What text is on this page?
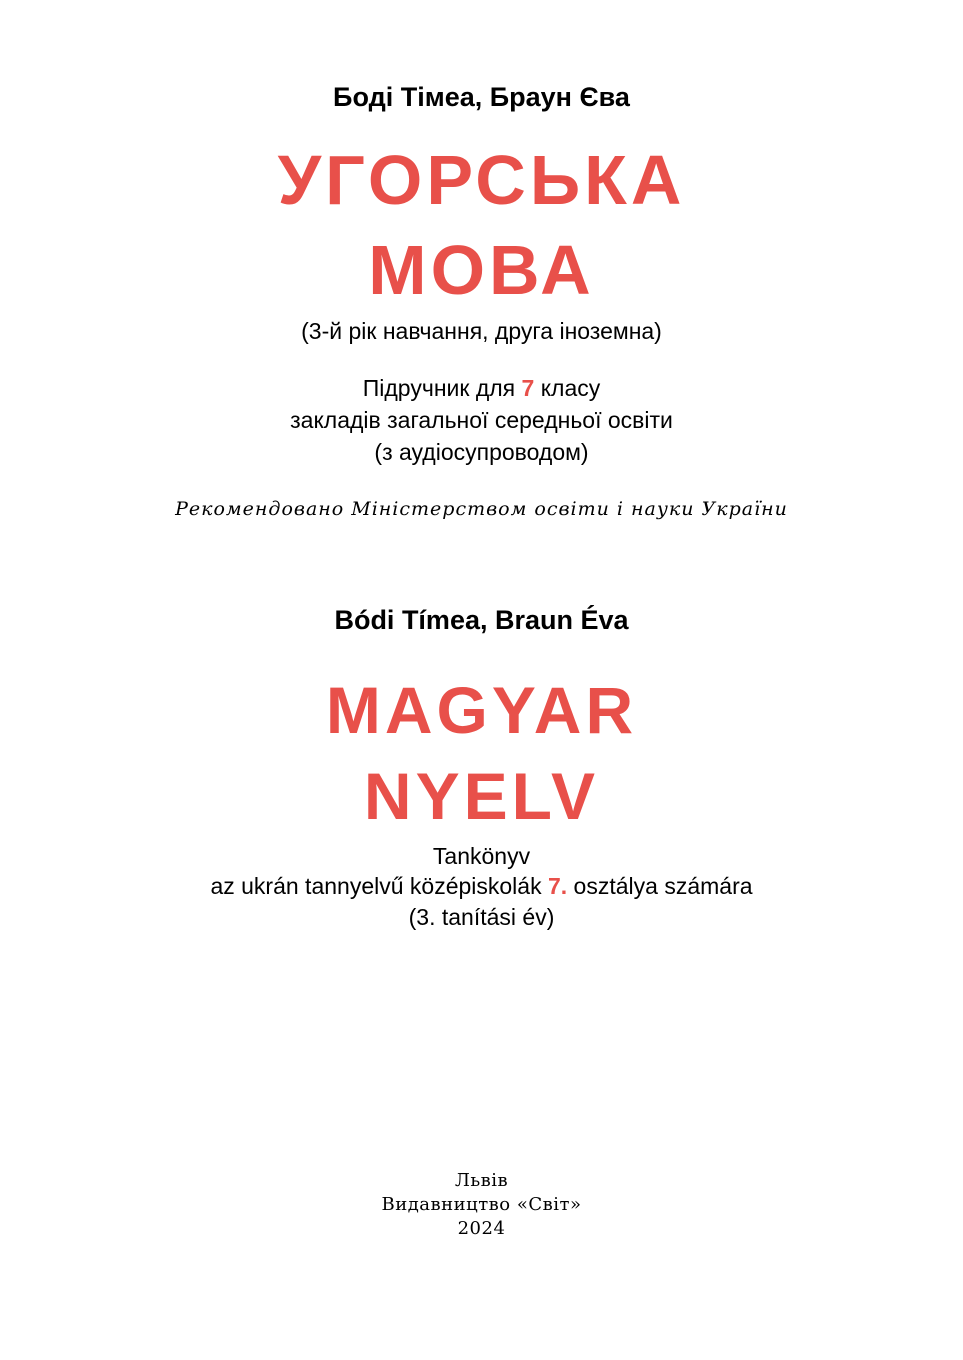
Боді Тімеа, Браун Єва
УГОРСЬКА
МОВА
(3-й рік навчання, друга іноземна)
Підручник для 7 класу
закладів загальної середньої освіти
(з аудіосупроводом)
Рекомендовано Міністерством освіти і науки України
Bódi Tímea, Braun Éva
MAGYAR
NYELV
Tankönyv
az ukrán tannyelvű középiskolák 7. osztálya számára
(3. tanítási év)
Львів
Видавництво «Світ»
2024
